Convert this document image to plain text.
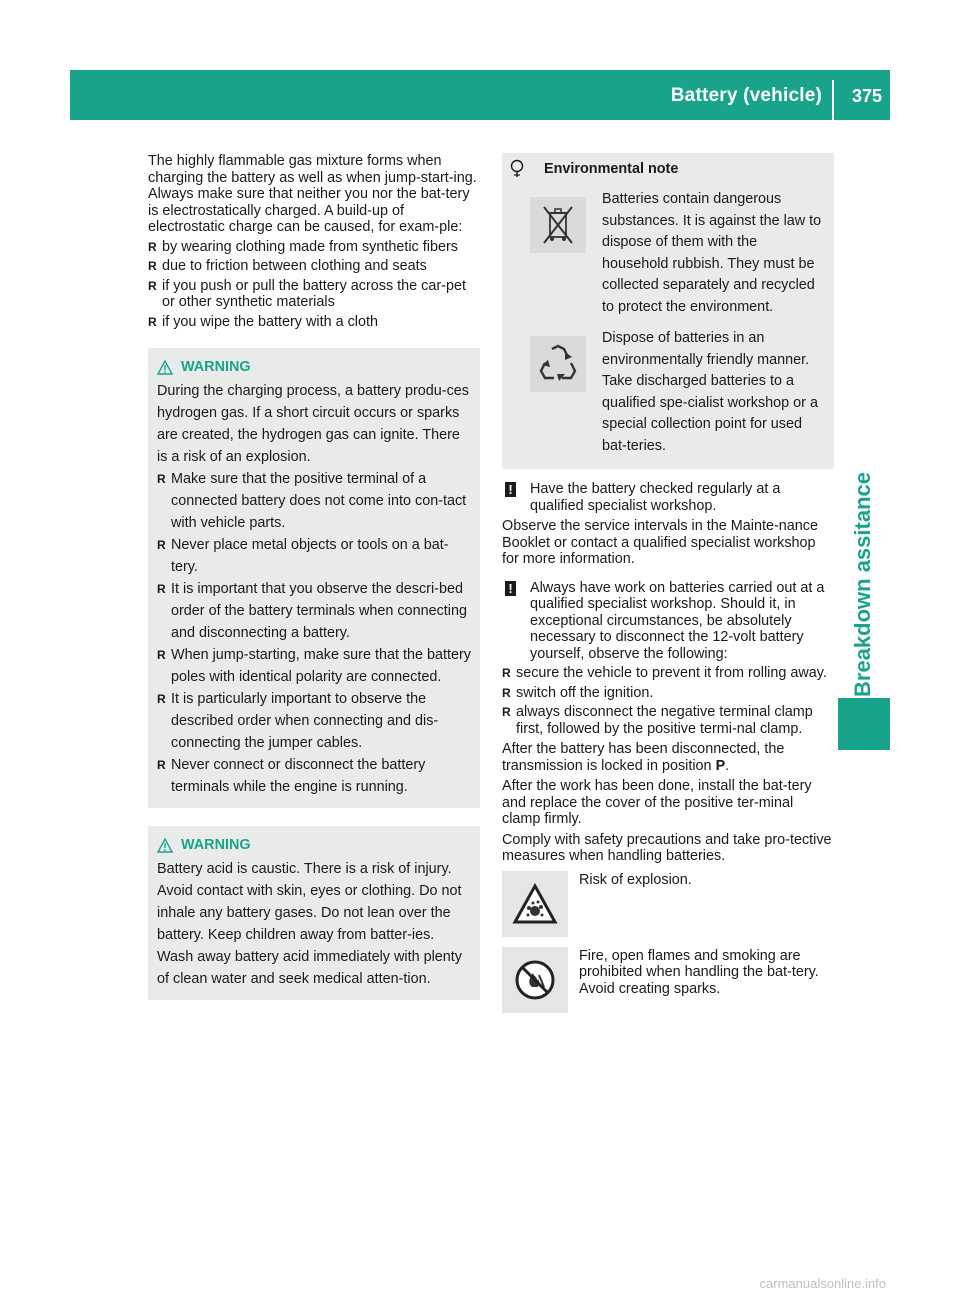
Battery (vehicle) 375
Breakdown assitance

The highly flammable gas mixture forms when charging the battery as well as when jump-start-ing.

Always make sure that neither you nor the bat-tery is electrostatically charged. A build-up of electrostatic charge can be caused, for exam-ple:

R by wearing clothing made from synthetic fibers
R due to friction between clothing and seats
R if you push or pull the battery across the car-pet or other synthetic materials
R if you wipe the battery with a cloth
WARNING

During the charging process, a battery produ-ces hydrogen gas. If a short circuit occurs or sparks are created, the hydrogen gas can ignite. There is a risk of an explosion.

R Make sure that the positive terminal of a connected battery does not come into con-tact with vehicle parts.
R Never place metal objects or tools on a bat-tery.
R It is important that you observe the descri-bed order of the battery terminals when connecting and disconnecting a battery.
R When jump-starting, make sure that the battery poles with identical polarity are connected.
R It is particularly important to observe the described order when connecting and dis-connecting the jumper cables.
R Never connect or disconnect the battery terminals while the engine is running.
WARNING

Battery acid is caustic. There is a risk of injury.

Avoid contact with skin, eyes or clothing. Do not inhale any battery gases. Do not lean over the battery. Keep children away from batter-ies. Wash away battery acid immediately with plenty of clean water and seek medical atten-tion.

Environmental note
Batteries contain dangerous substances. It is against the law to dispose of them with the household rubbish. They must be collected separately and recycled to protect the environment.
Dispose of batteries in an environmentally friendly manner. Take discharged batteries to a qualified spe-cialist workshop or a special collection point for used bat-teries.
! Have the battery checked regularly at a qualified specialist workshop.

Observe the service intervals in the Mainte-nance Booklet or contact a qualified specialist workshop for more information.

! Always have work on batteries carried out at a qualified specialist workshop. Should it, in exceptional circumstances, be absolutely necessary to disconnect the 12-volt battery yourself, observe the following:

R secure the vehicle to prevent it from rolling away.
R switch off the ignition.
R always disconnect the negative terminal clamp first, followed by the positive termi-nal clamp.

After the battery has been disconnected, the transmission is locked in position P.

After the work has been done, install the bat-tery and replace the cover of the positive ter-minal clamp firmly.

Comply with safety precautions and take pro-tective measures when handling batteries.

Risk of explosion.
Fire, open flames and smoking are prohibited when handling the bat-tery. Avoid creating sparks.
carmanualsonline.info
